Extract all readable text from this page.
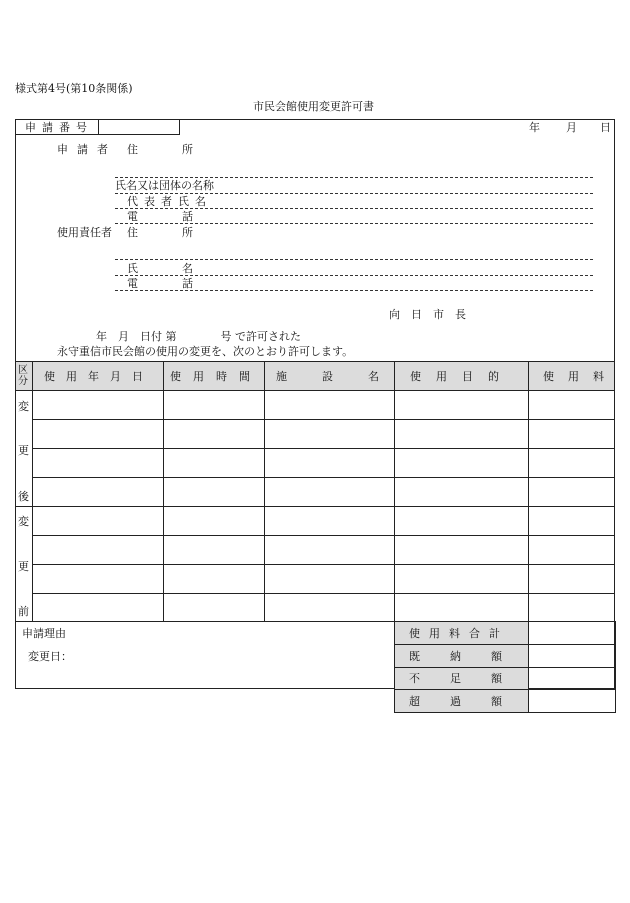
様式第4号(第10条関係)
市民会館使用変更許可書
申請番号	年 月 日
申請者 住　　　　所
氏名又は団体の名称
代表者氏名
電　　　　話
使用責任者 住　　　　所
氏　　　　名
電　　　　話
向　日　市　長
年　月　日付 第　　　　号 で許可された
永守重信市民会館の使用の変更を、次のとおり許可します。
区
分 使用年月日 使用時間 施設名
使用目的	使用料
変
更
後
変
更
前
申請理由
変更日：
使用料合計
既納額
不足額
超過額
